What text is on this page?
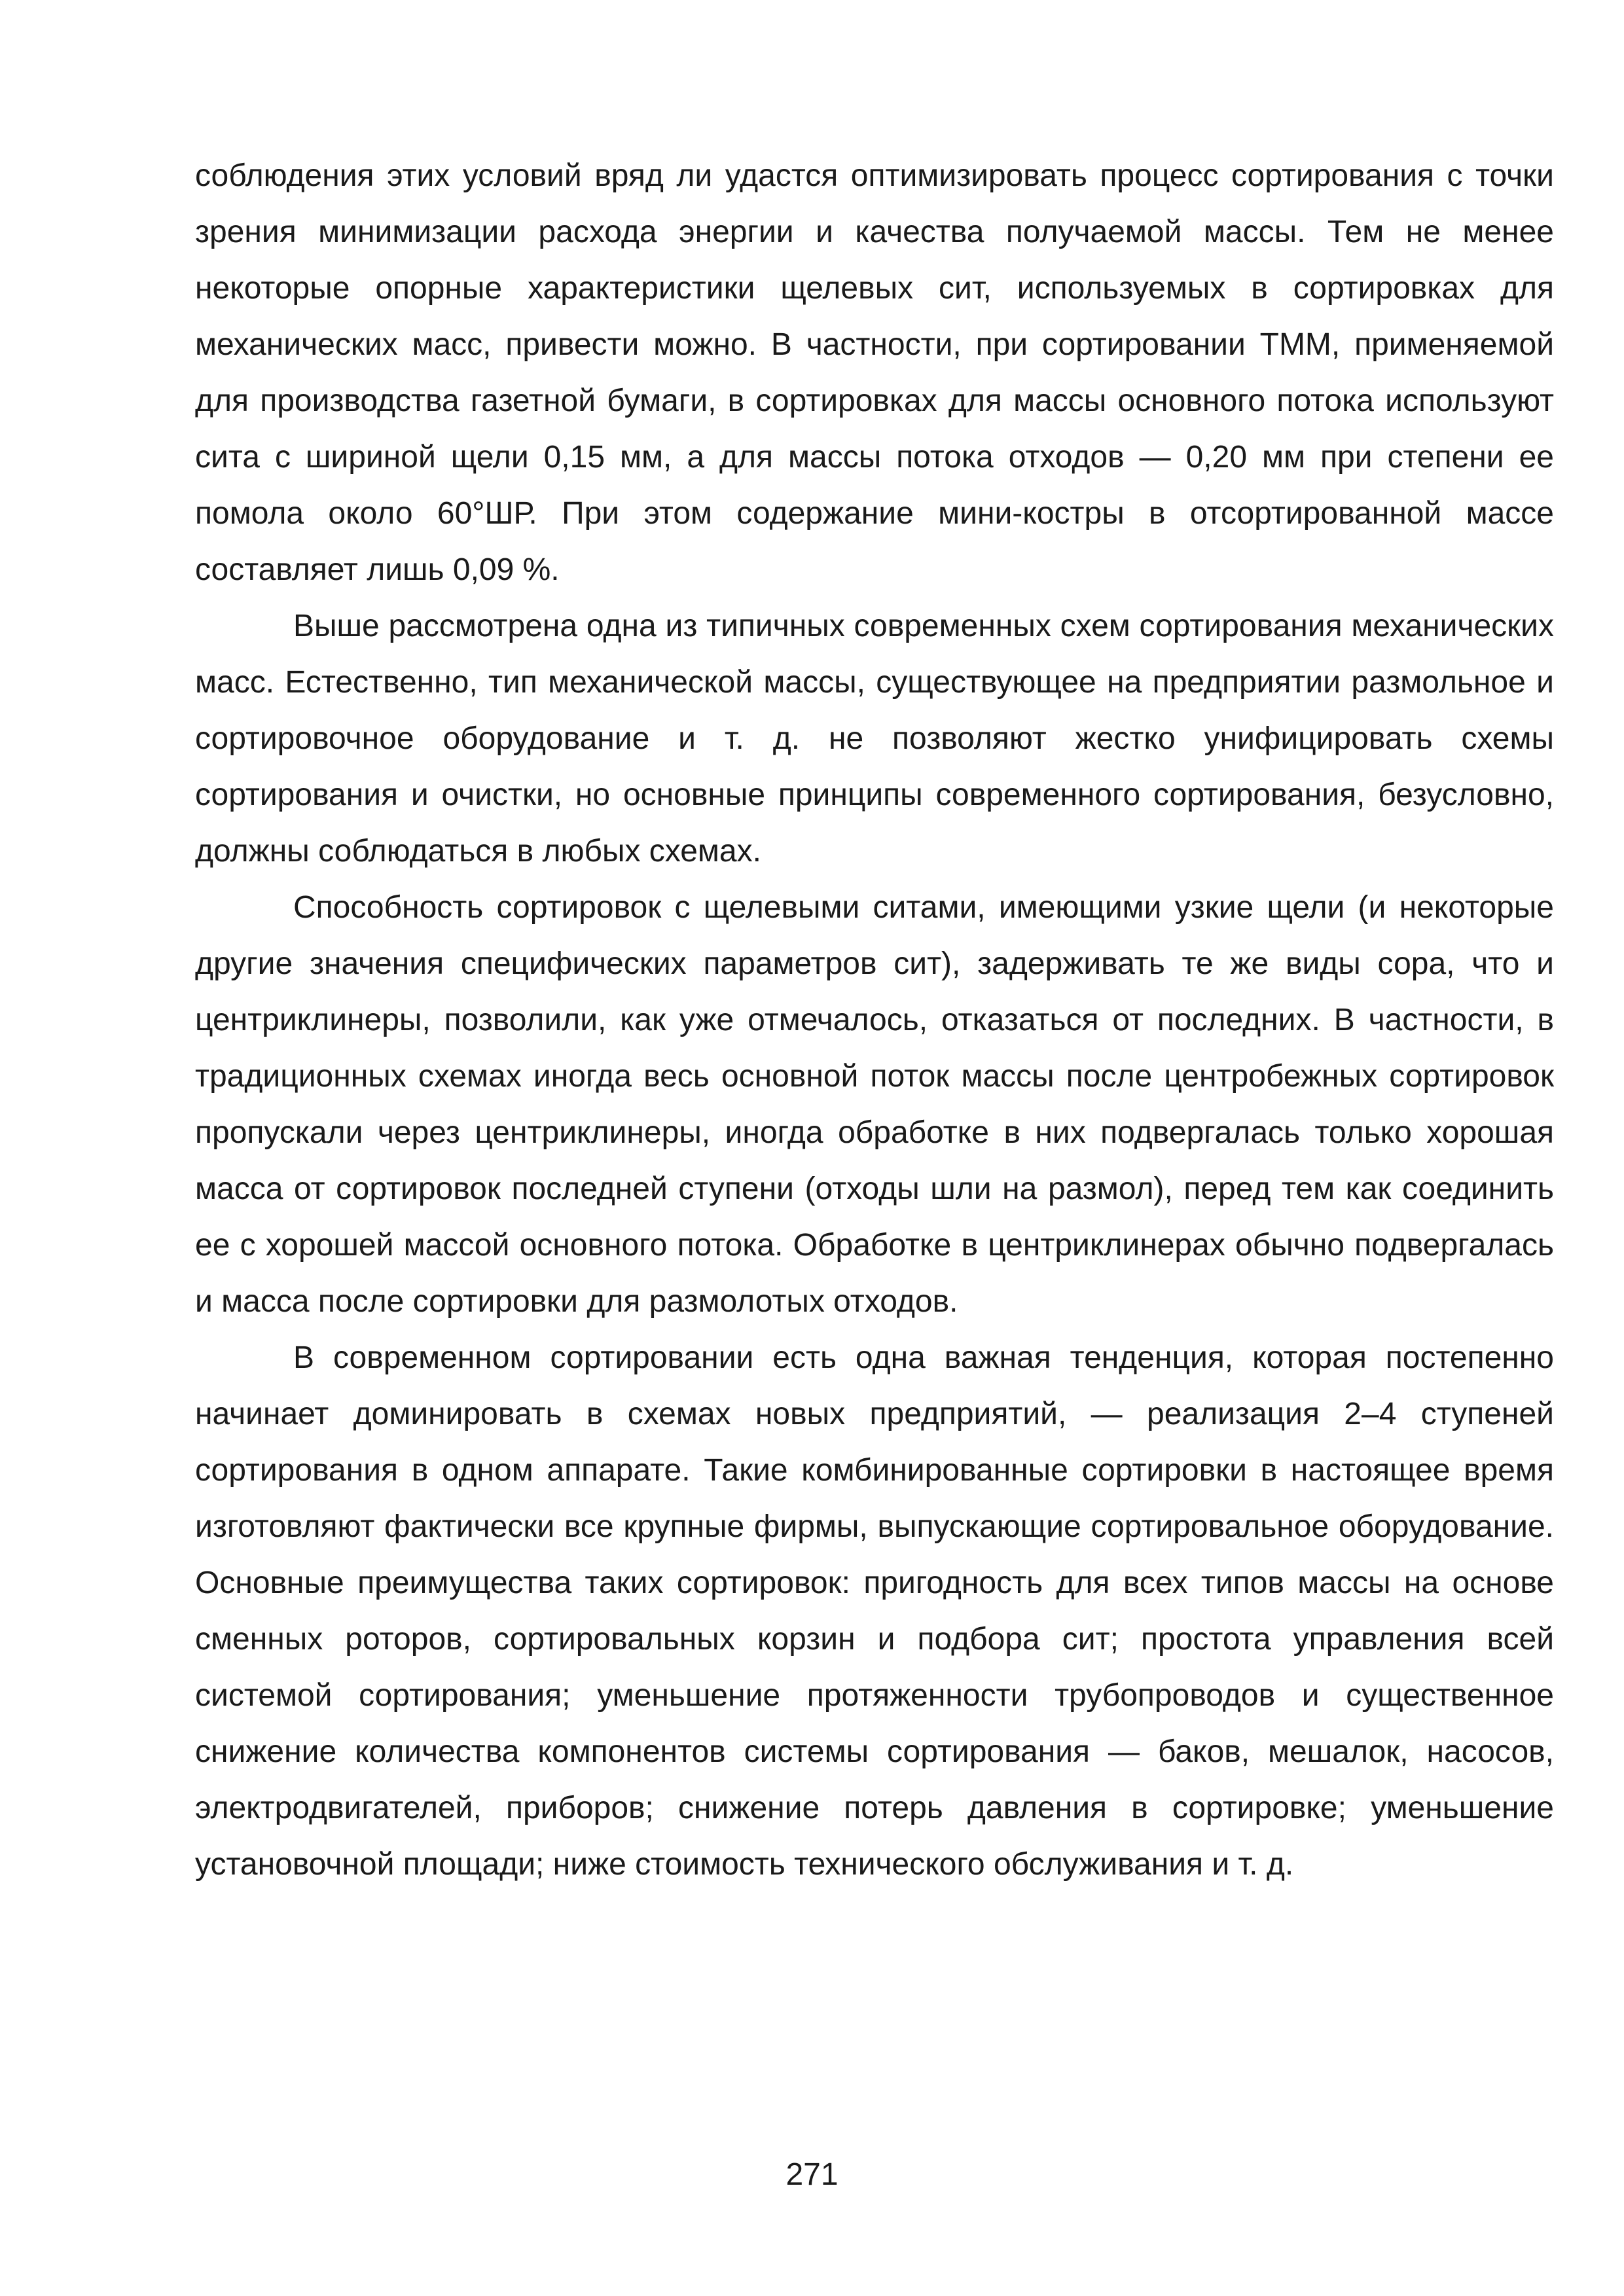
соблюдения этих условий вряд ли удастся оптимизировать процесс сортирования с точки зрения минимизации расхода энергии и качества получаемой массы. Тем не менее некоторые опорные характеристики щелевых сит, используемых в сортировках для механических масс, привести можно. В частности, при сортировании ТММ, применяемой для производства газетной бумаги, в сортировках для массы основного потока используют сита с шириной щели 0,15 мм, а для массы потока отходов — 0,20 мм при степени ее помола около 60°ШР. При этом содержание мини-костры в отсортированной массе составляет лишь 0,09 %.

Выше рассмотрена одна из типичных современных схем сортирования механических масс. Естественно, тип механической массы, существующее на предприятии размольное и сортировочное оборудование и т. д. не позволяют жестко унифицировать схемы сортирования и очистки, но основные принципы современного сортирования, безусловно, должны соблюдаться в любых схемах.

Способность сортировок с щелевыми ситами, имеющими узкие щели (и некоторые другие значения специфических параметров сит), задерживать те же виды сора, что и центриклинеры, позволили, как уже отмечалось, отказаться от последних. В частности, в традиционных схемах иногда весь основной поток массы после центробежных сортировок пропускали через центриклинеры, иногда обработке в них подвергалась только хорошая масса от сортировок последней ступени (отходы шли на размол), перед тем как соединить ее с хорошей массой основного потока. Обработке в центриклинерах обычно подвергалась и масса после сортировки для размолотых отходов.

В современном сортировании есть одна важная тенденция, которая постепенно начинает доминировать в схемах новых предприятий, — реализация 2–4 ступеней сортирования в одном аппарате. Такие комбинированные сортировки в настоящее время изготовляют фактически все крупные фирмы, выпускающие сортировальное оборудование. Основные преимущества таких сортировок: пригодность для всех типов массы на основе сменных роторов, сортировальных корзин и подбора сит; простота управления всей системой сортирования; уменьшение протяженности трубопроводов и существенное снижение количества компонентов системы сортирования — баков, мешалок, насосов, электродвигателей, приборов; снижение потерь давления в сортировке; уменьшение установочной площади; ниже стоимость технического обслуживания и т. д.

271
